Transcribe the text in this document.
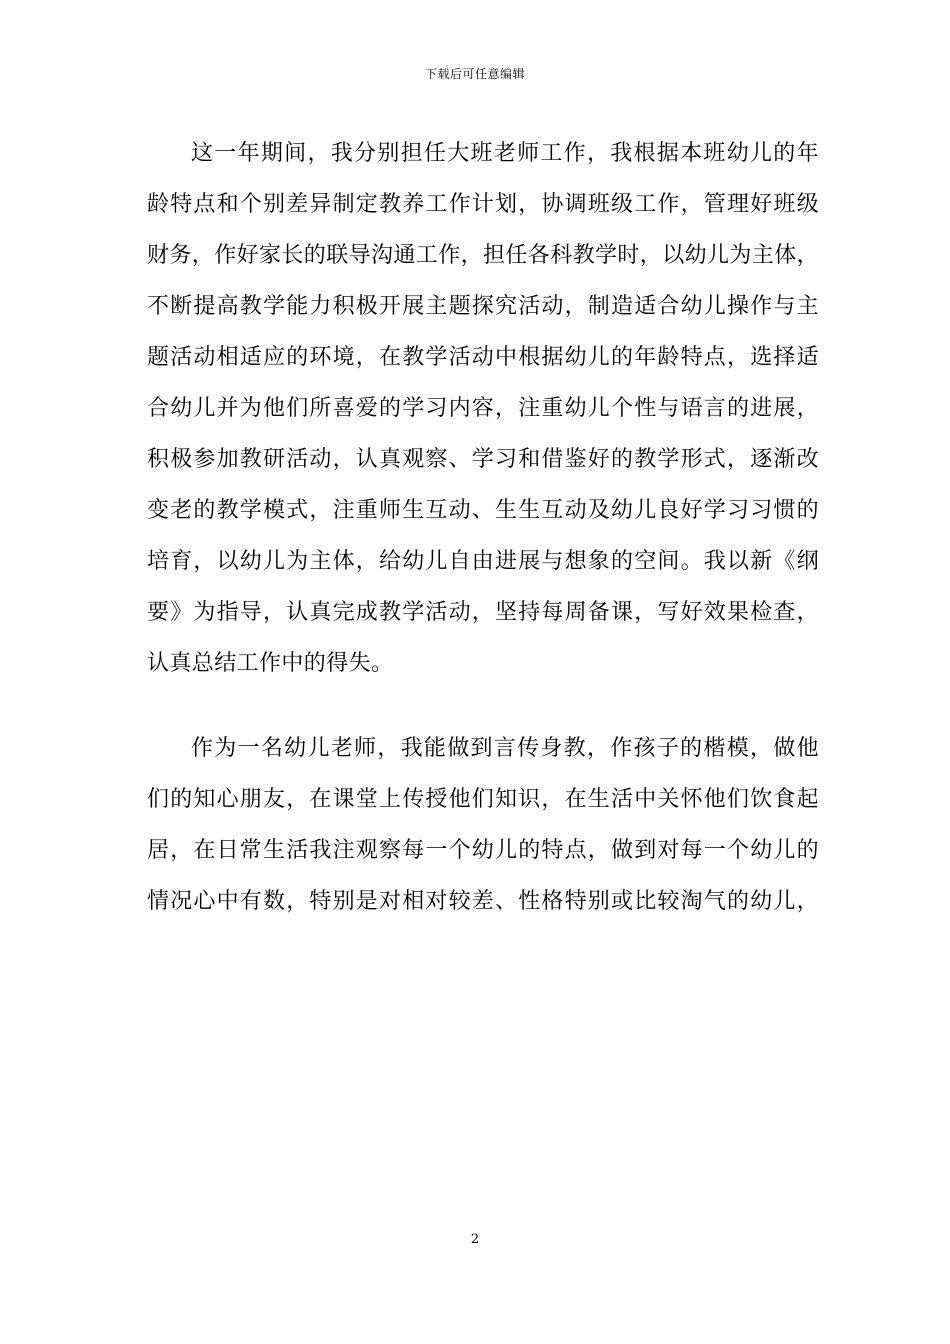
下载后可任意编辑
这一年期间，我分别担任大班老师工作，我根据本班幼儿的年
龄特点和个别差异制定教养工作计划，协调班级工作，管理好班级
财务，作好家长的联导沟通工作，担任各科教学时，以幼儿为主体，
不断提高教学能力积极开展主题探究活动，制造适合幼儿操作与主
题活动相适应的环境，在教学活动中根据幼儿的年龄特点，选择适
合幼儿并为他们所喜爱的学习内容，注重幼儿个性与语言的进展，
积极参加教研活动，认真观察、学习和借鉴好的教学形式，逐渐改
变老的教学模式，注重师生互动、生生互动及幼儿良好学习习惯的
培育，以幼儿为主体，给幼儿自由进展与想象的空间。我以新《纲
要》为指导，认真完成教学活动，坚持每周备课，写好效果检查，
认真总结工作中的得失。
作为一名幼儿老师，我能做到言传身教，作孩子的楷模，做他
们的知心朋友，在课堂上传授他们知识，在生活中关怀他们饮食起
居，在日常生活我注观察每一个幼儿的特点，做到对每一个幼儿的
情况心中有数，特别是对相对较差、性格特别或比较淘气的幼儿，
2
